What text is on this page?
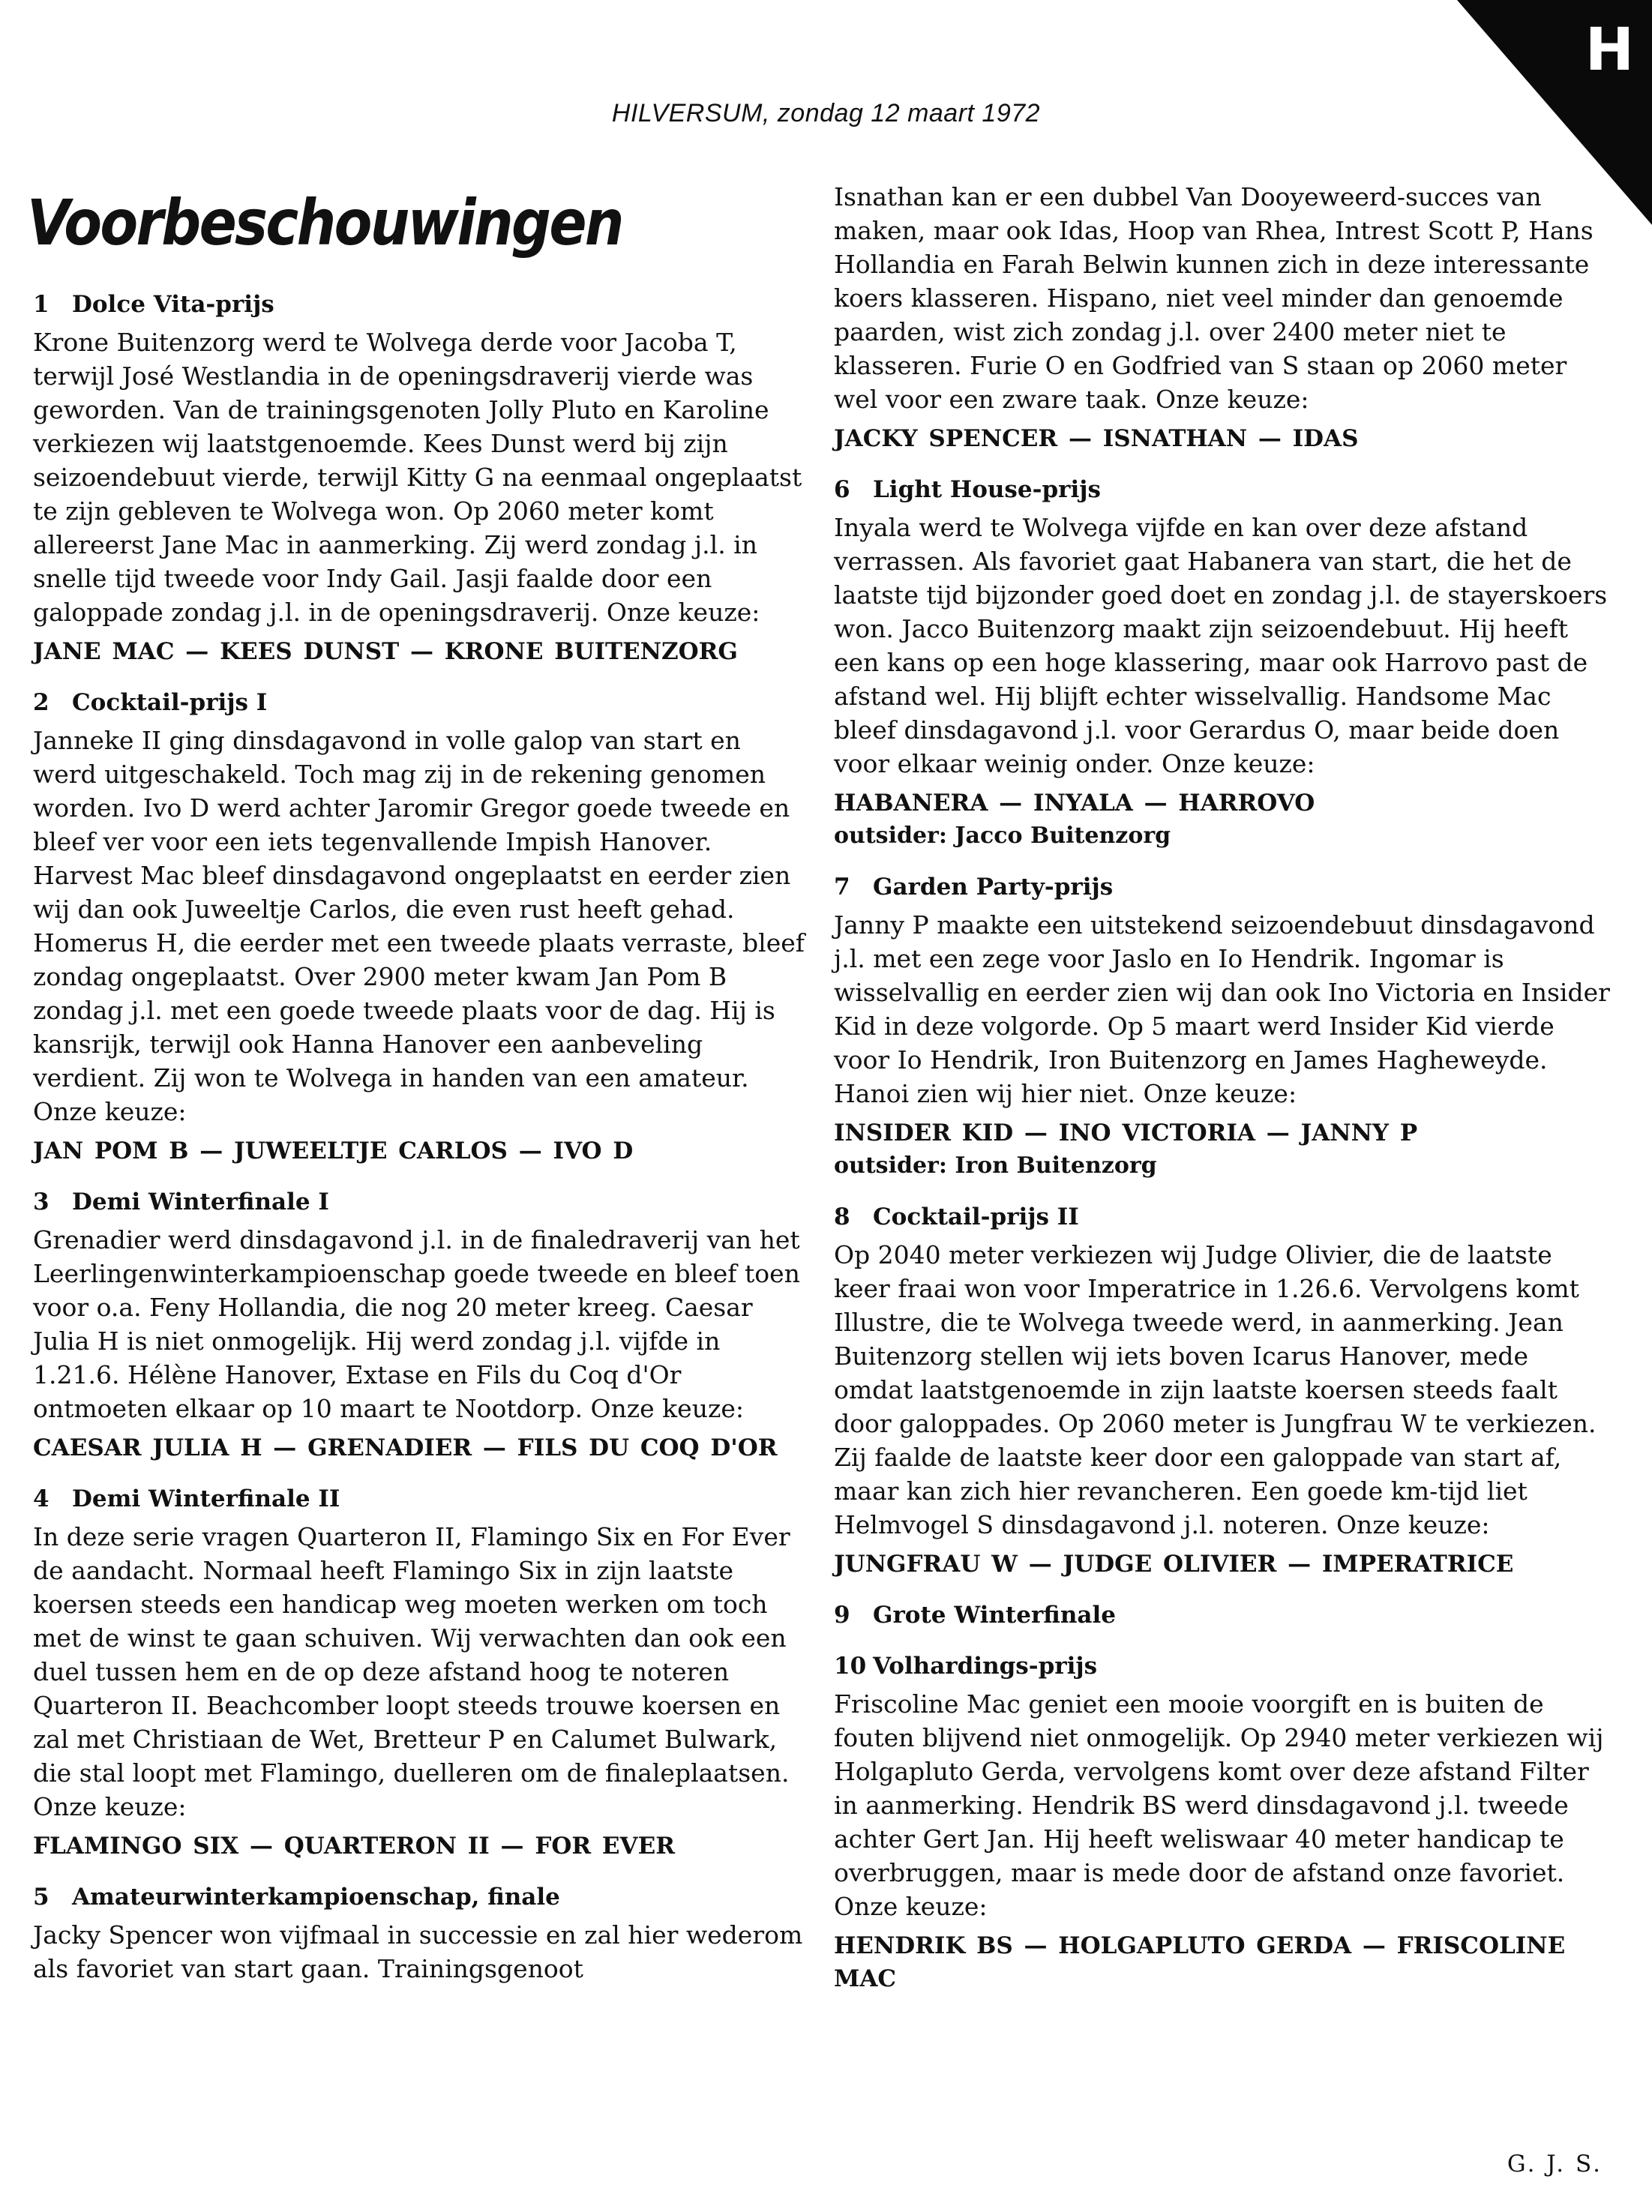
H
HILVERSUM, zondag 12 maart 1972
Voorbeschouwingen
1 Dolce Vita-prijs

Krone Buitenzorg werd te Wolvega derde voor Jacoba T, terwijl José Westlandia in de openingsdraverij vierde was geworden. Van de trainingsgenoten Jolly Pluto en Karoline verkiezen wij laatstgenoemde. Kees Dunst werd bij zijn seizoendebuut vierde, terwijl Kitty G na eenmaal ongeplaatst te zijn gebleven te Wolvega won. Op 2060 meter komt allereerst Jane Mac in aanmerking. Zij werd zondag j.l. in snelle tijd tweede voor Indy Gail. Jasji faalde door een galoppade zondag j.l. in de openingsdraverij. Onze keuze:

JANE MAC — KEES DUNST — KRONE BUITENZORG
2 Cocktail-prijs I

Janneke II ging dinsdagavond in volle galop van start en werd uitgeschakeld. Toch mag zij in de rekening genomen worden. Ivo D werd achter Jaromir Gregor goede tweede en bleef ver voor een iets tegenvallende Impish Hanover. Harvest Mac bleef dinsdagavond ongeplaatst en eerder zien wij dan ook Juweeltje Carlos, die even rust heeft gehad. Homerus H, die eerder met een tweede plaats verraste, bleef zondag ongeplaatst. Over 2900 meter kwam Jan Pom B zondag j.l. met een goede tweede plaats voor de dag. Hij is kansrijk, terwijl ook Hanna Hanover een aanbeveling verdient. Zij won te Wolvega in handen van een amateur. Onze keuze:

JAN POM B — JUWEELTJE CARLOS — IVO D
3 Demi Winterfinale I

Grenadier werd dinsdagavond j.l. in de finaledraverij van het Leerlingenwinterkampioenschap goede tweede en bleef toen voor o.a. Feny Hollandia, die nog 20 meter kreeg. Caesar Julia H is niet onmogelijk. Hij werd zondag j.l. vijfde in 1.21.6. Hélène Hanover, Extase en Fils du Coq d'Or ontmoeten elkaar op 10 maart te Nootdorp. Onze keuze:

CAESAR JULIA H — GRENADIER — FILS DU COQ D'OR
4 Demi Winterfinale II

In deze serie vragen Quarteron II, Flamingo Six en For Ever de aandacht. Normaal heeft Flamingo Six in zijn laatste koersen steeds een handicap weg moeten werken om toch met de winst te gaan schuiven. Wij verwachten dan ook een duel tussen hem en de op deze afstand hoog te noteren Quarteron II. Beachcomber loopt steeds trouwe koersen en zal met Christiaan de Wet, Bretteur P en Calumet Bulwark, die stal loopt met Flamingo, duelleren om de finaleplaatsen. Onze keuze:

FLAMINGO SIX — QUARTERON II — FOR EVER
5 Amateurwinterkampioenschap, finale

Jacky Spencer won vijfmaal in successie en zal hier wederom als favoriet van start gaan. Trainingsgenoot

Isnathan kan er een dubbel Van Dooyeweerd-succes van maken, maar ook Idas, Hoop van Rhea, Intrest Scott P, Hans Hollandia en Farah Belwin kunnen zich in deze interessante koers klasseren. Hispano, niet veel minder dan genoemde paarden, wist zich zondag j.l. over 2400 meter niet te klasseren. Furie O en Godfried van S staan op 2060 meter wel voor een zware taak. Onze keuze:

JACKY SPENCER — ISNATHAN — IDAS
6 Light House-prijs

Inyala werd te Wolvega vijfde en kan over deze afstand verrassen. Als favoriet gaat Habanera van start, die het de laatste tijd bijzonder goed doet en zondag j.l. de stayerskoers won. Jacco Buitenzorg maakt zijn seizoendebuut. Hij heeft een kans op een hoge klassering, maar ook Harrovo past de afstand wel. Hij blijft echter wisselvallig. Handsome Mac bleef dinsdagavond j.l. voor Gerardus O, maar beide doen voor elkaar weinig onder. Onze keuze:

HABANERA — INYALA — HARROVO
outsider: Jacco Buitenzorg
7 Garden Party-prijs

Janny P maakte een uitstekend seizoendebuut dinsdagavond j.l. met een zege voor Jaslo en Io Hendrik. Ingomar is wisselvallig en eerder zien wij dan ook Ino Victoria en Insider Kid in deze volgorde. Op 5 maart werd Insider Kid vierde voor Io Hendrik, Iron Buitenzorg en James Hagheweyde. Hanoi zien wij hier niet. Onze keuze:

INSIDER KID — INO VICTORIA — JANNY P
outsider: Iron Buitenzorg
8 Cocktail-prijs II

Op 2040 meter verkiezen wij Judge Olivier, die de laatste keer fraai won voor Imperatrice in 1.26.6. Vervolgens komt Illustre, die te Wolvega tweede werd, in aanmerking. Jean Buitenzorg stellen wij iets boven Icarus Hanover, mede omdat laatstgenoemde in zijn laatste koersen steeds faalt door galoppades. Op 2060 meter is Jungfrau W te verkiezen. Zij faalde de laatste keer door een galoppade van start af, maar kan zich hier revancheren. Een goede km-tijd liet Helmvogel S dinsdagavond j.l. noteren. Onze keuze:

JUNGFRAU W — JUDGE OLIVIER — IMPERATRICE
9 Grote Winterfinale
10 Volhardings-prijs

Friscoline Mac geniet een mooie voorgift en is buiten de fouten blijvend niet onmogelijk. Op 2940 meter verkiezen wij Holgapluto Gerda, vervolgens komt over deze afstand Filter in aanmerking. Hendrik BS werd dinsdagavond j.l. tweede achter Gert Jan. Hij heeft weliswaar 40 meter handicap te overbruggen, maar is mede door de afstand onze favoriet. Onze keuze:

HENDRIK BS — HOLGAPLUTO GERDA — FRISCOLINE MAC
G. J. S.
